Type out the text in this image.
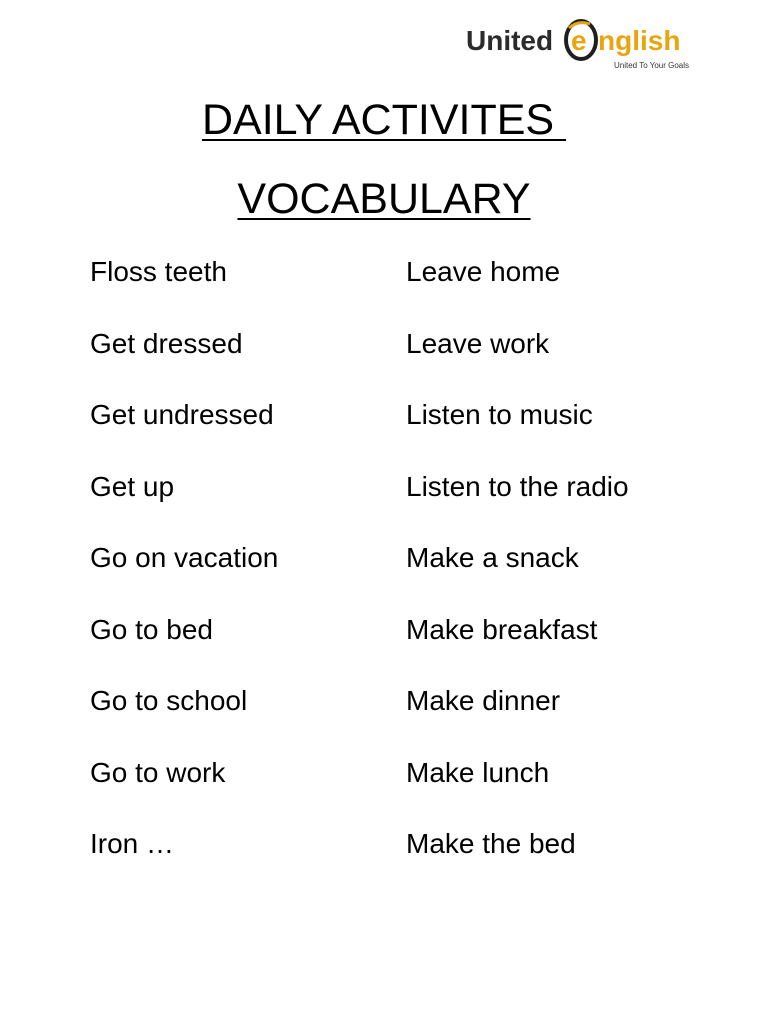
United e nglish
United To Your Goals
DAILY ACTIVITES
VOCABULARY
Floss teeth
Get dressed
Get undressed
Get up
Go on vacation
Go to bed
Go to school
Go to work
Iron …
Leave home
Leave work
Listen to music
Listen to the radio
Make a snack
Make breakfast
Make dinner
Make lunch
Make the bed
